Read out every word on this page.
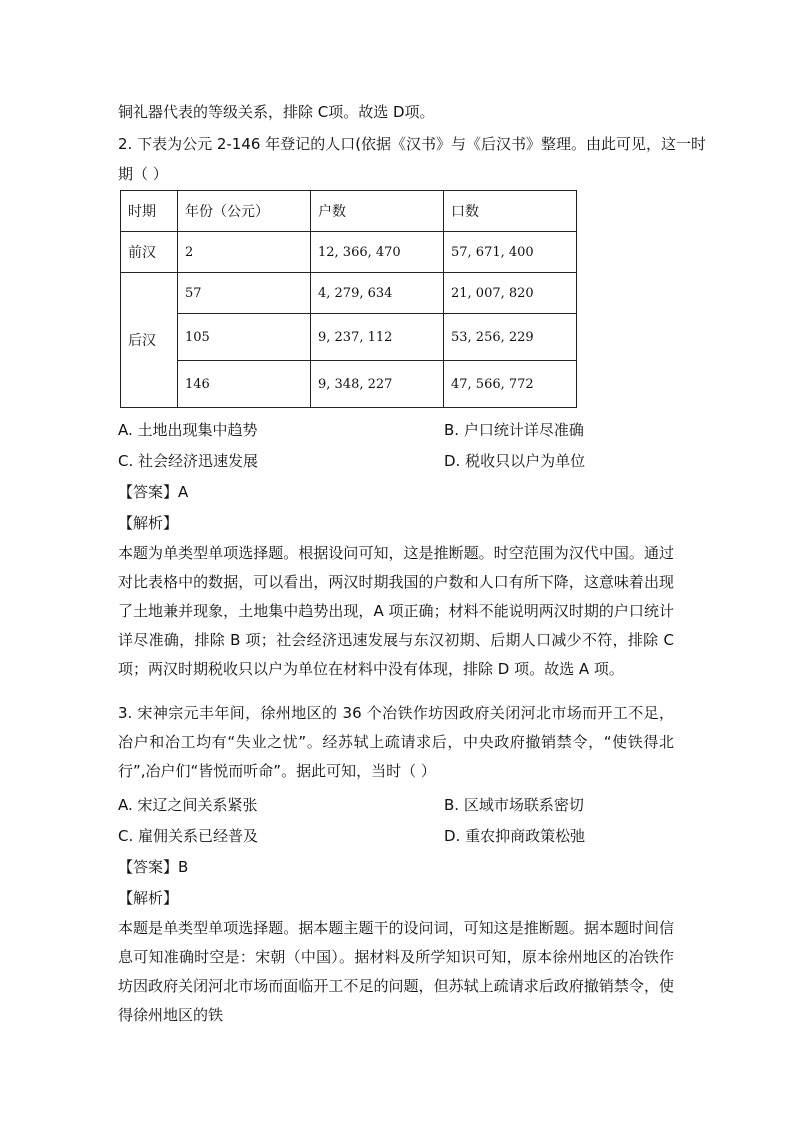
铜礼器代表的等级关系，排除 C项。故选 D项。
2. 下表为公元 2-146 年登记的人口(依据《汉书》与《后汉书》整理。由此可见，这一时
期（ ）
时期	年份（公元）	户数	口数
前汉	2	12, 366, 470	57, 671, 400
后汉	57	4, 279, 634	21, 007, 820
	105	9, 237, 112	53, 256, 229
	146	9, 348, 227	47, 566, 772
A. 土地出现集中趋势	B. 户口统计详尽准确
C. 社会经济迅速发展	D. 税收只以户为单位
【答案】A
【解析】
本题为单类型单项选择题。根据设问可知，这是推断题。时空范围为汉代中国。通过对比表格中的数据，可以看出，两汉时期我国的户数和人口有所下降，这意味着出现了土地兼并现象，土地集中趋势出现，A 项正确；材料不能说明两汉时期的户口统计详尽准确，排除 B 项；社会经济迅速发展与东汉初期、后期人口减少不符，排除 C 项；两汉时期税收只以户为单位在材料中没有体现，排除 D 项。故选 A 项。
3. 宋神宗元丰年间，徐州地区的 36 个冶铁作坊因政府关闭河北市场而开工不足，冶户和冶工均有“失业之忧”。经苏轼上疏请求后，中央政府撤销禁令，“使铁得北行”,冶户们“皆悦而听命”。据此可知，当时（ ）
A. 宋辽之间关系紧张	B. 区域市场联系密切
C. 雇佣关系已经普及	D. 重农抑商政策松弛
【答案】B
【解析】
本题是单类型单项选择题。据本题主题干的设问词，可知这是推断题。据本题时间信息可知准确时空是：宋朝（中国）。据材料及所学知识可知，原本徐州地区的冶铁作坊因政府关闭河北市场而面临开工不足的问题，但苏轼上疏请求后政府撤销禁令，使得徐州地区的铁
